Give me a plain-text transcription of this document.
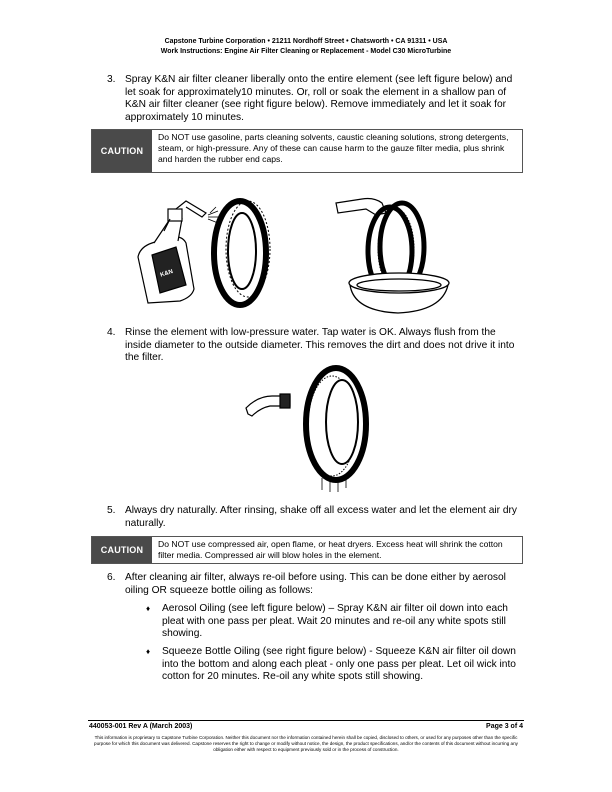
Capstone Turbine Corporation • 21211 Nordhoff Street • Chatsworth • CA 91311 • USA
Work Instructions: Engine Air Filter Cleaning or Replacement - Model C30 MicroTurbine
3. Spray K&N air filter cleaner liberally onto the entire element (see left figure below) and let soak for approximately10 minutes. Or, roll or soak the element in a shallow pan of K&N air filter cleaner (see right figure below). Remove immediately and let it soak for approximately 10 minutes.
CAUTION
Do NOT use gasoline, parts cleaning solvents, caustic cleaning solutions, strong detergents, steam, or high-pressure. Any of these can cause harm to the gauze filter media, plus shrink and harden the rubber end caps.
K&N
4. Rinse the element with low-pressure water. Tap water is OK. Always flush from the inside diameter to the outside diameter. This removes the dirt and does not drive it into the filter.
5. Always dry naturally. After rinsing, shake off all excess water and let the element air dry naturally.
CAUTION
Do NOT use compressed air, open flame, or heat dryers. Excess heat will shrink the cotton filter media. Compressed air will blow holes in the element.
6. After cleaning air filter, always re-oil before using. This can be done either by aerosol oiling OR squeeze bottle oiling as follows:
♦ Aerosol Oiling (see left figure below) – Spray K&N air filter oil down into each pleat with one pass per pleat. Wait 20 minutes and re-oil any white spots still showing.
♦ Squeeze Bottle Oiling (see right figure below) - Squeeze K&N air filter oil down into the bottom and along each pleat - only one pass per pleat. Let oil wick into cotton for 20 minutes. Re-oil any white spots still showing.
440053-001 Rev A (March 2003)	Page 3 of 4
This information is proprietary to Capstone Turbine Corporation. Neither this document nor the information contained herein shall be copied, disclosed to others, or used for any purposes other than the specific purpose for which this document was delivered. Capstone reserves the right to change or modify without notice, the design, the product specifications, and/or the contents of this document without incurring any obligation either with respect to equipment previously sold or in the process of construction.
